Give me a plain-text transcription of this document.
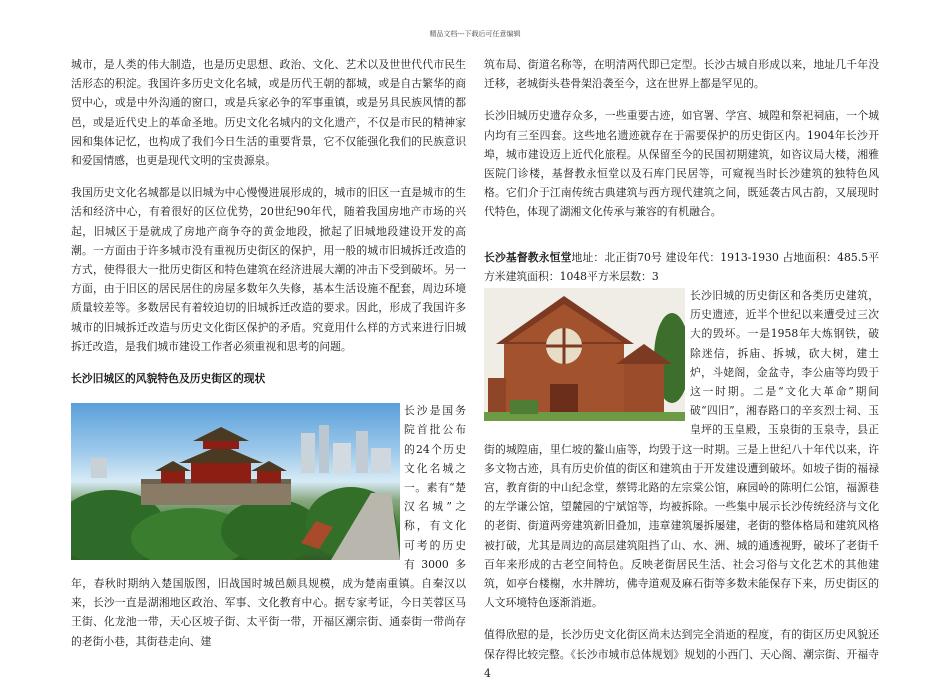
精品文档---下载后可任意编辑

城市，是人类的伟大制造，也是历史思想、政治、文化、艺术以及世世代代市民生活形态的积淀。我国许多历史文化名城，或是历代王朝的都城，或是自古繁华的商贸中心，或是中外沟通的窗口，或是兵家必争的军事重镇，或是另具民族风情的都邑，或是近代史上的革命圣地。历史文化名城内的文化遗产，不仅是市民的精神家园和集体记忆，也构成了我们今日生活的重要背景，它不仅能强化我们的民族意识和爱国情感，也更是现代文明的宝贵源泉。

我国历史文化名城都是以旧城为中心慢慢进展形成的，城市的旧区一直是城市的生活和经济中心，有着很好的区位优势，20世纪90年代，随着我国房地产市场的兴起，旧城区于是就成了房地产商争夺的黄金地段，掀起了旧城地段建设开发的高潮。一方面由于许多城市没有重视历史街区的保护，用一般的城市旧城拆迁改造的方式，使得很大一批历史街区和特色建筑在经济进展大潮的冲击下受到破坏。另一方面，由于旧区的居民居住的房屋多数年久失修，基本生活设施不配套，周边环境质量较差等。多数居民有着较迫切的旧城拆迁改造的要求。因此，形成了我国许多城市的旧城拆迁改造与历史文化街区保护的矛盾。究竟用什么样的方式来进行旧城拆迁改造，是我们城市建设工作者必须重视和思考的问题。

长沙旧城区的风貌特色及历史街区的现状

长沙是国务院首批公布的24个历史文化名城之一。素有“楚汉名城”之称，有文化可考的历史有3000多年，春秋时期纳入楚国版图，旧战国时城邑颇具规模，成为楚南重镇。自秦汉以来，长沙一直是湖湘地区政治、军事、文化教育中心。据专家考证，今日芙蓉区马王街、化龙池一带，天心区坡子街、太平街一带，开福区潮宗街、通泰街一带尚存的老街小巷，其街巷走向、建

筑布局、街道名称等，在明清两代即已定型。长沙古城自形成以来，地址几千年没迁移，老城街头巷骨架沿袭至今，这在世界上都是罕见的。

长沙旧城历史遗存众多，一些重要古迹，如官署、学宫、城隍和祭祀祠庙，一个城内均有三至四套。这些地名遗迹就存在于需要保护的历史街区内。1904年长沙开埠，城市建设迈上近代化旅程。从保留至今的民国初期建筑，如咨议局大楼，湘雅医院门诊楼，基督教永恒堂以及石库门民居等，可窥视当时长沙建筑的独特色风格。它们介于江南传统古典建筑与西方现代建筑之间，既延袭古风古韵，又展现时代特色，体现了湖湘文化传承与兼容的有机融合。

长沙基督教永恒堂地址：北正街70号 建设年代：1913-1930 占地面积：485.5平方米建筑面积：1048平方米层数：3

长沙旧城的历史街区和各类历史建筑，历史遗迹，近半个世纪以来遭受过三次大的毁坏。一是1958年大炼钢铁，破除迷信，拆庙、拆城，砍大树，建土炉，斗姥阁，金盆寺，李公庙等均毁于这一时期。二是“文化大革命”期间破“四旧”，湘春路口的辛亥烈士祠、玉皇坪的玉皇殿，玉泉街的玉泉寺，县正街的城隍庙，里仁坡的鳌山庙等，均毁于这一时期。三是上世纪八十年代以来，许多文物古迹，具有历史价值的街区和建筑由于开发建设遭到破坏。如坡子街的福禄宫，教育街的中山纪念堂，蔡锷北路的左宗棠公馆，麻园岭的陈明仁公馆，福源巷的左学谦公馆，望麓园的宁斌馆等，均被拆除。一些集中展示长沙传统经济与文化的老街、街道两旁建筑新旧叠加，违章建筑屡拆屡建，老街的整体格局和建筑风格被打破，尤其是周边的高层建筑阻挡了山、水、洲、城的通透视野，破坏了老街千百年来形成的古老空间特色。反映老街居民生活、社会习俗与文化艺术的其他建筑，如亭台楼榭，水井牌坊，佛寺道观及麻石街等多数未能保存下来，历史街区的人文环境特色逐渐消逝。

值得欣慰的是，长沙历史文化街区尚未达到完全消逝的程度，有的街区历史风貌还保存得比较完整。《长沙市城市总体规划》规划的小西门、天心阁、潮宗街、开福寺4
